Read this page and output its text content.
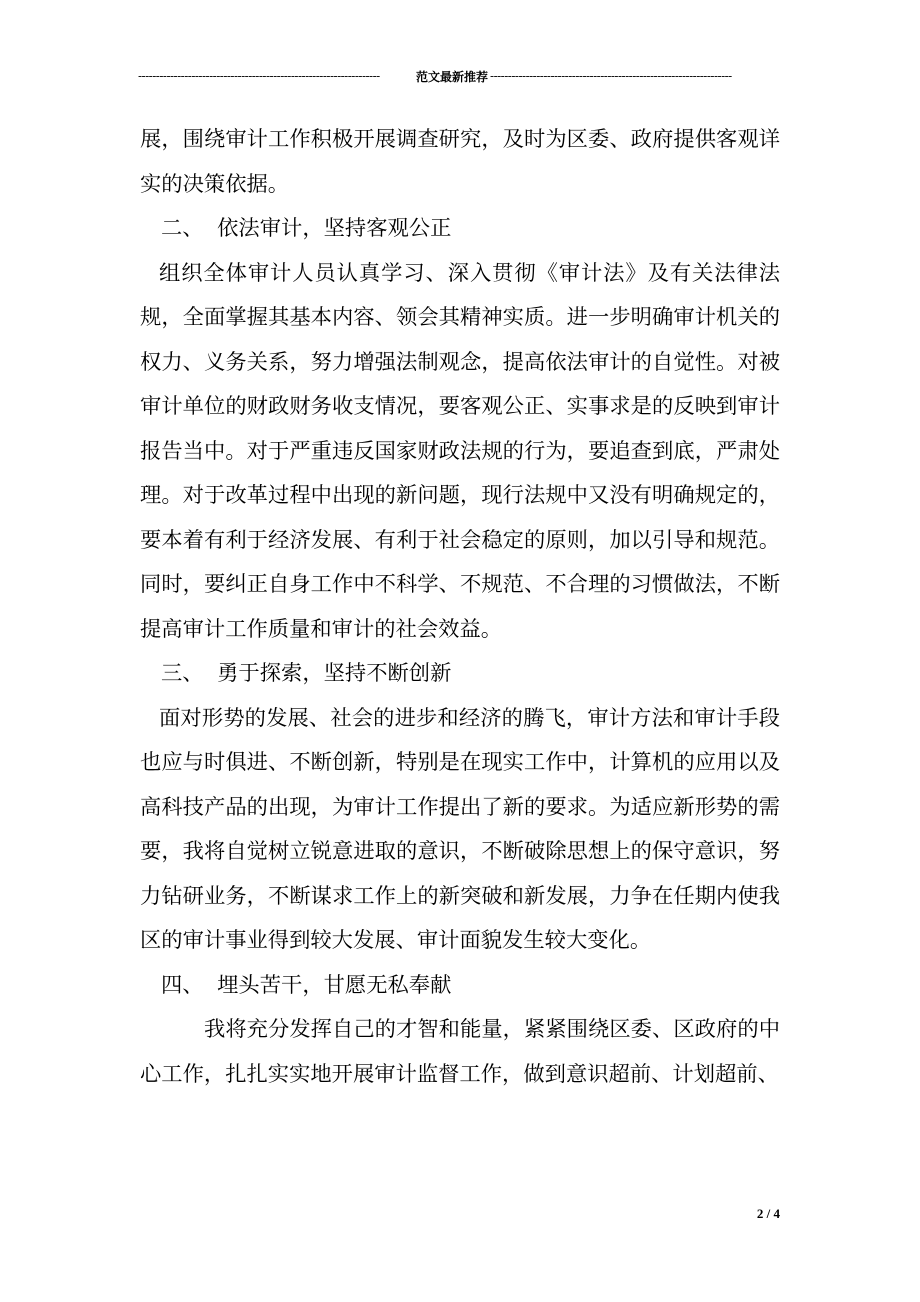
--------------------------------------------------------------------	范文最新推荐 --------------------------------------------------------------------

展，围绕审计工作积极开展调查研究，及时为区委、政府提供客观详实的决策依据。

二、  依法审计，坚持客观公正

组织全体审计人员认真学习、深入贯彻《审计法》及有关法律法规，全面掌握其基本内容、领会其精神实质。进一步明确审计机关的权力、义务关系，努力增强法制观念，提高依法审计的自觉性。对被审计单位的财政财务收支情况，要客观公正、实事求是的反映到审计报告当中。对于严重违反国家财政法规的行为，要追查到底，严肃处理。对于改革过程中出现的新问题，现行法规中又没有明确规定的，要本着有利于经济发展、有利于社会稳定的原则，加以引导和规范。同时，要纠正自身工作中不科学、不规范、不合理的习惯做法，不断提高审计工作质量和审计的社会效益。

三、  勇于探索，坚持不断创新

面对形势的发展、社会的进步和经济的腾飞，审计方法和审计手段也应与时俱进、不断创新，特别是在现实工作中，计算机的应用以及高科技产品的出现，为审计工作提出了新的要求。为适应新形势的需要，我将自觉树立锐意进取的意识，不断破除思想上的保守意识，努力钻研业务，不断谋求工作上的新突破和新发展，力争在任期内使我区的审计事业得到较大发展、审计面貌发生较大变化。

四、  埋头苦干，甘愿无私奉献

我将充分发挥自己的才智和能量，紧紧围绕区委、区政府的中心工作，扎扎实实地开展审计监督工作，做到意识超前、计划超前、

2 / 4
